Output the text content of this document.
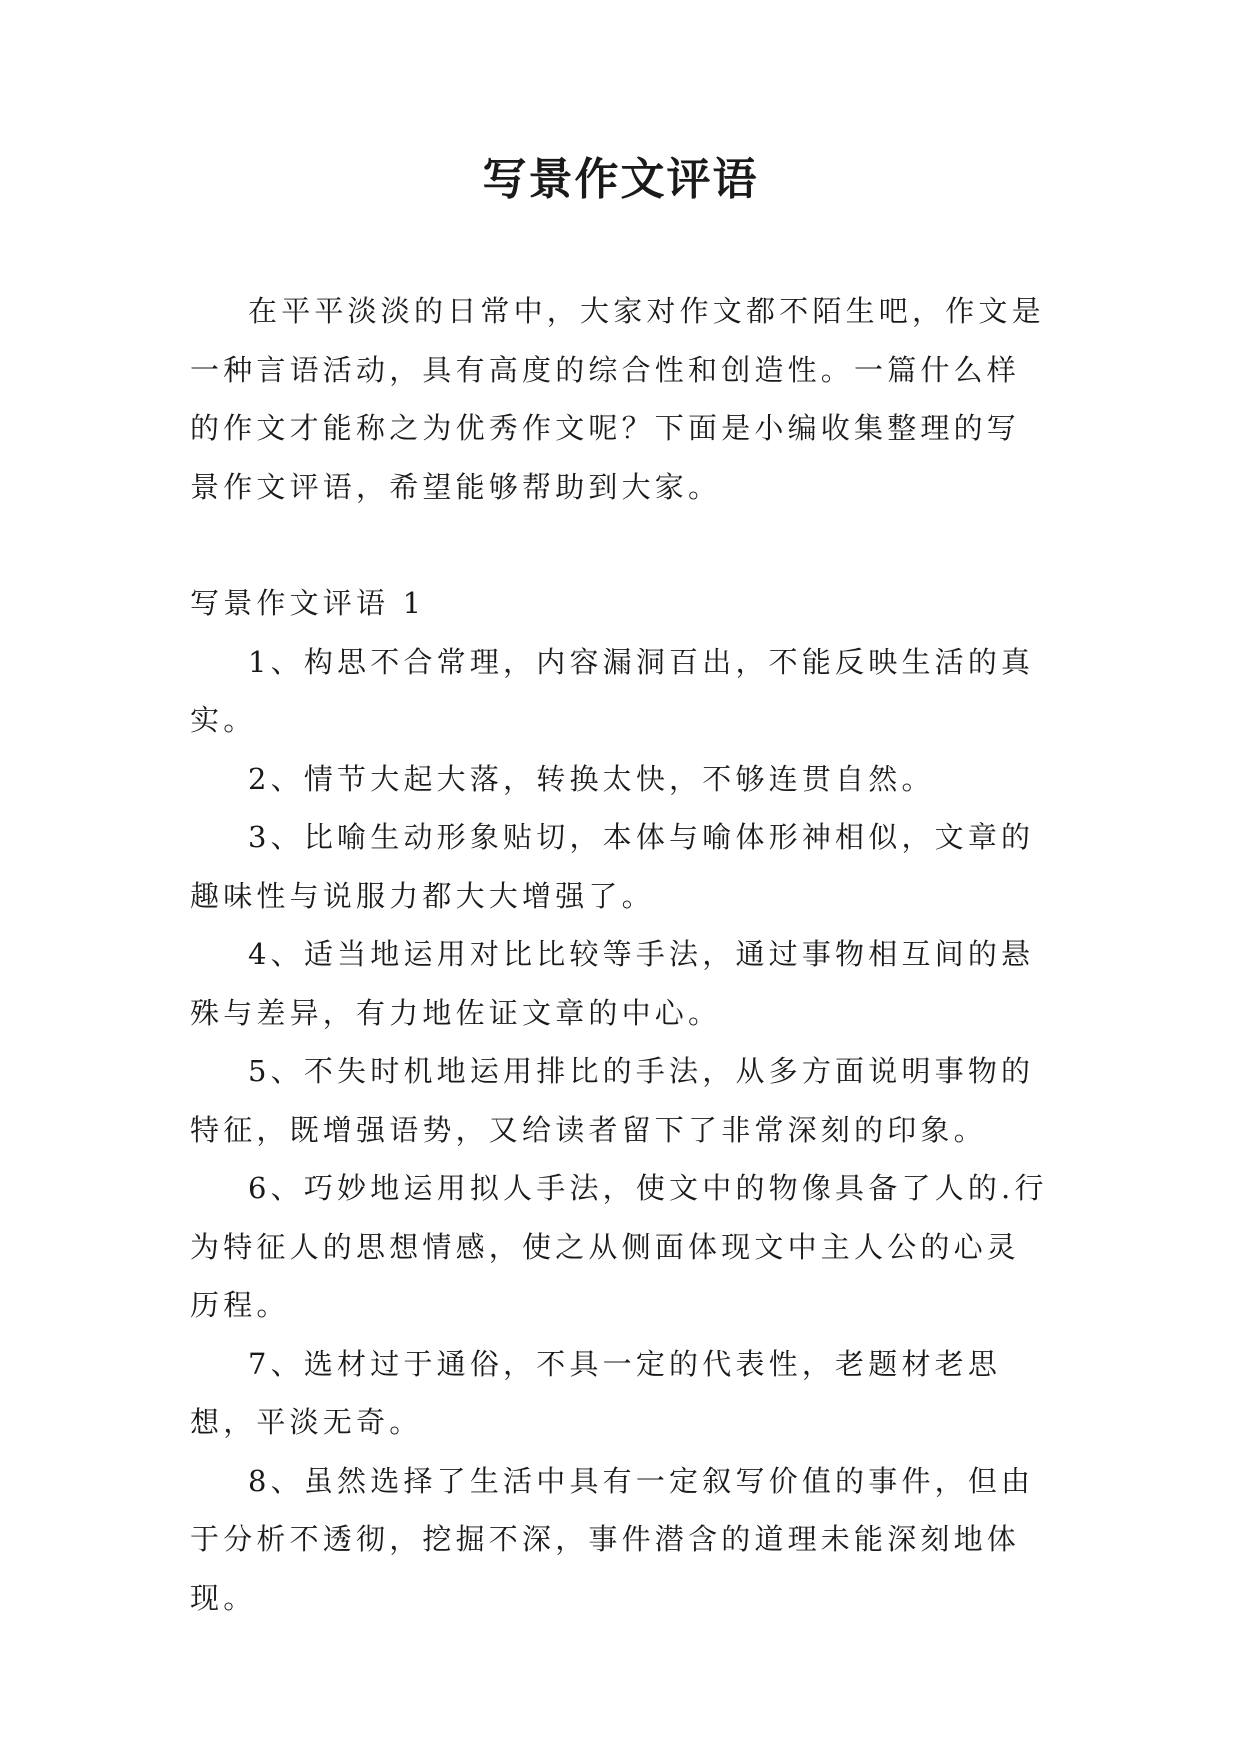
写景作文评语

在平平淡淡的日常中，大家对作文都不陌生吧，作文是一种言语活动，具有高度的综合性和创造性。一篇什么样的作文才能称之为优秀作文呢？下面是小编收集整理的写景作文评语，希望能够帮助到大家。

写景作文评语 1

1、构思不合常理，内容漏洞百出，不能反映生活的真实。

2、情节大起大落，转换太快，不够连贯自然。

3、比喻生动形象贴切，本体与喻体形神相似，文章的趣味性与说服力都大大增强了。

4、适当地运用对比比较等手法，通过事物相互间的悬殊与差异，有力地佐证文章的中心。

5、不失时机地运用排比的手法，从多方面说明事物的特征，既增强语势，又给读者留下了非常深刻的印象。

6、巧妙地运用拟人手法，使文中的物像具备了人的.行为特征人的思想情感，使之从侧面体现文中主人公的心灵历程。

7、选材过于通俗，不具一定的代表性，老题材老思想，平淡无奇。

8、虽然选择了生活中具有一定叙写价值的事件，但由于分析不透彻，挖掘不深，事件潜含的道理未能深刻地体现。
